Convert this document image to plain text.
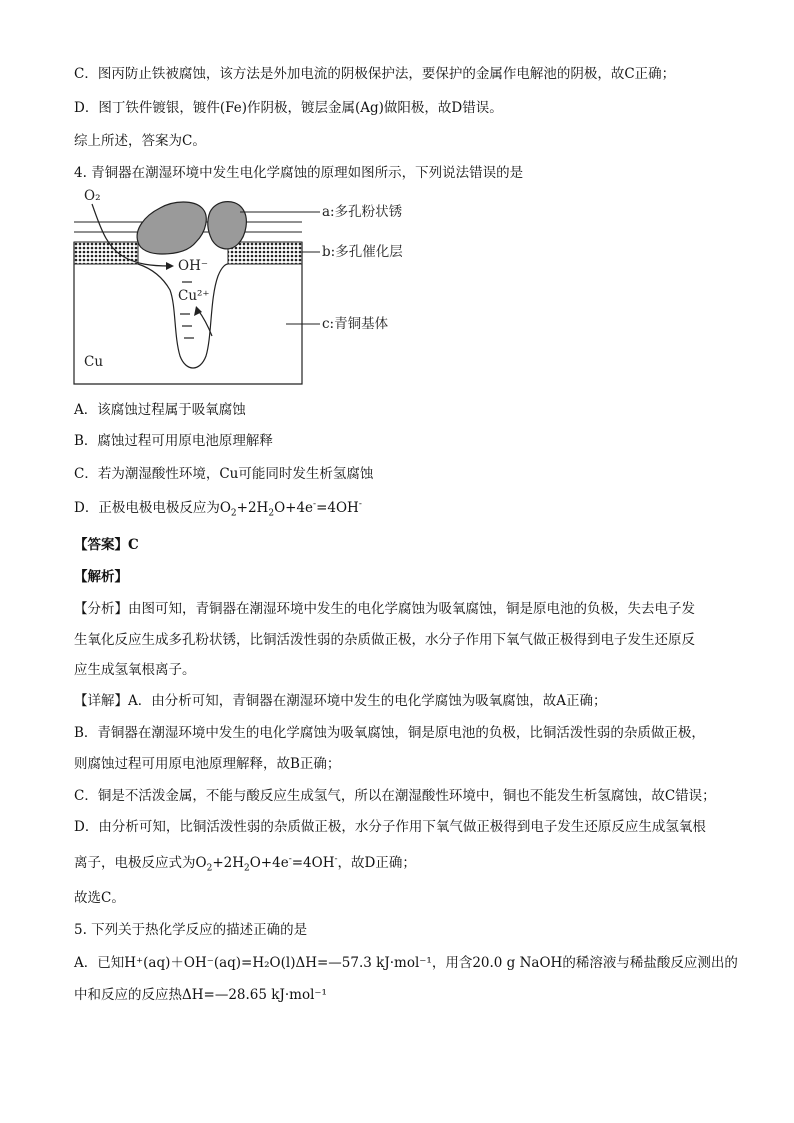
C．图丙防止铁被腐蚀，该方法是外加电流的阴极保护法，要保护的金属作电解池的阴极，故C正确；
D．图丁铁件镀银，镀件(Fe)作阴极，镀层金属(Ag)做阳极，故D错误。
综上所述，答案为C。
4. 青铜器在潮湿环境中发生电化学腐蚀的原理如图所示，下列说法错误的是
O₂
OH⁻
Cu²⁺
Cu
a:多孔粉状锈
b:多孔催化层
c:青铜基体
A．该腐蚀过程属于吸氧腐蚀
B．腐蚀过程可用原电池原理解释
C．若为潮湿酸性环境，Cu可能同时发生析氢腐蚀
D．正极电极电极反应为$O_2+2H_2O+4e^-=4OH^-$
【答案】C
【解析】
【分析】由图可知，青铜器在潮湿环境中发生的电化学腐蚀为吸氧腐蚀，铜是原电池的负极，失去电子发
生氧化反应生成多孔粉状锈，比铜活泼性弱的杂质做正极，水分子作用下氧气做正极得到电子发生还原反
应生成氢氧根离子。
【详解】A．由分析可知，青铜器在潮湿环境中发生的电化学腐蚀为吸氧腐蚀，故A正确；
B．青铜器在潮湿环境中发生的电化学腐蚀为吸氧腐蚀，铜是原电池的负极，比铜活泼性弱的杂质做正极，
则腐蚀过程可用原电池原理解释，故B正确；
C．铜是不活泼金属，不能与酸反应生成氢气，所以在潮湿酸性环境中，铜也不能发生析氢腐蚀，故C错误；
D．由分析可知，比铜活泼性弱的杂质做正极，水分子作用下氧气做正极得到电子发生还原反应生成氢氧根
离子，电极反应式为$O_2+2H_2O+4e^-=4OH^-$，故D正确；
故选C。
5. 下列关于热化学反应的描述正确的是
A．已知H⁺(aq)＋OH⁻(aq)=H₂O(l)ΔH=—57.3 kJ·mol⁻¹，用含20.0 g NaOH的稀溶液与稀盐酸反应测出的
中和反应的反应热ΔH=—28.65 kJ·mol⁻¹
